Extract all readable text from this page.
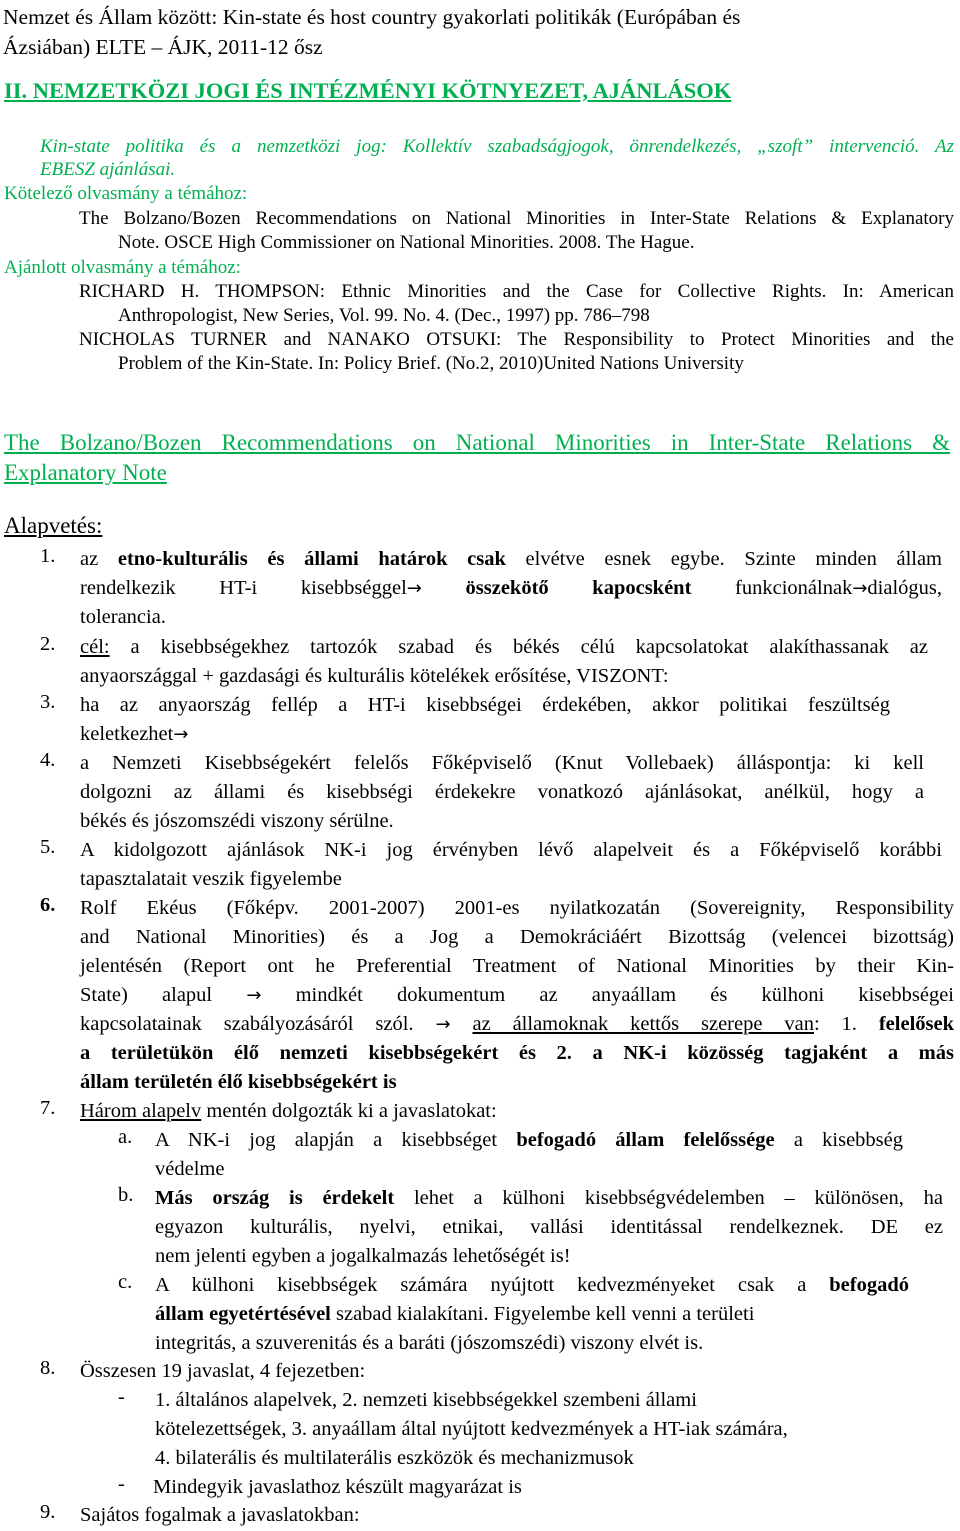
Nemzet és Állam között: Kin-state és host country gyakorlati politikák (Európában és
Ázsiában) ELTE – ÁJK, 2011-12 ősz
II. NEMZETKÖZI JOGI ÉS INTÉZMÉNYI KÖTNYEZET, AJÁNLÁSOK
Kin-state politika és a nemzetközi jog: Kollektív szabadságjogok, önrendelkezés, „szoft” intervenció. Az
EBESZ ajánlásai.
Kötelező olvasmány a témához:
The Bolzano/Bozen Recommendations on National Minorities in Inter-State Relations & Explanatory
Note. OSCE High Commissioner on National Minorities. 2008. The Hague.
Ajánlott olvasmány a témához:
RICHARD H. THOMPSON: Ethnic Minorities and the Case for Collective Rights. In: American
Anthropologist, New Series, Vol. 99. No. 4. (Dec., 1997) pp. 786–798
NICHOLAS TURNER and NANAKO OTSUKI: The Responsibility to Protect Minorities and the
Problem of the Kin-State. In: Policy Brief. (No.2, 2010)United Nations University
The Bolzano/Bozen Recommendations on National Minorities in Inter-State Relations &
Explanatory Note
Alapvetés:
1. az etno-kulturális és állami határok csak elvétve esnek egybe. Szinte minden állam
rendelkezik HT-i kisebbséggel→ összekötő kapocsként funkcionálnak→dialógus,
tolerancia.
2. cél: a kisebbségekhez tartozók szabad és békés célú kapcsolatokat alakíthassanak az
anyaországgal + gazdasági és kulturális kötelékek erősítése, VISZONT:
3. ha az anyaország fellép a HT-i kisebbségei érdekében, akkor politikai feszültség
keletkezhet→
4. a Nemzeti Kisebbségekért felelős Főképviselő (Knut Vollebaek) álláspontja: ki kell
dolgozni az állami és kisebbségi érdekekre vonatkozó ajánlásokat, anélkül, hogy a
békés és jószomszédi viszony sérülne.
5. A kidolgozott ajánlások NK-i jog érvényben lévő alapelveit és a Főképviselő korábbi
tapasztalatait veszik figyelembe
6. Rolf Ekéus (Főképv. 2001-2007) 2001-es nyilatkozatán (Sovereignity, Responsibility
and National Minorities) és a Jog a Demokráciáért Bizottság (velencei bizottság)
jelentésén (Report ont he Preferential Treatment of National Minorities by their Kin-
State) alapul → mindkét dokumentum az anyaállam és külhoni kisebbségei
kapcsolatainak szabályozásáról szól. → az államoknak kettős szerepe van: 1. felelősek
a területükön élő nemzeti kisebbségekért és 2. a NK-i közösség tagjaként a más
állam területén élő kisebbségekért is
7. Három alapelv mentén dolgozták ki a javaslatokat:
a. A NK-i jog alapján a kisebbséget befogadó állam felelőssége a kisebbség
védelme
b. Más ország is érdekelt lehet a külhoni kisebbségvédelemben – különösen, ha
egyazon kulturális, nyelvi, etnikai, vallási identitással rendelkeznek. DE ez
nem jelenti egyben a jogalkalmazás lehetőségét is!
c. A külhoni kisebbségek számára nyújtott kedvezményeket csak a befogadó
állam egyetértésével szabad kialakítani. Figyelembe kell venni a területi
integritás, a szuverenitás és a baráti (jószomszédi) viszony elvét is.
8. Összesen 19 javaslat, 4 fejezetben:
- 1. általános alapelvek, 2. nemzeti kisebbségekkel szembeni állami
kötelezettségek, 3. anyaállam által nyújtott kedvezmények a HT-iak számára,
4. bilaterális és multilaterális eszközök és mechanizmusok
- Mindegyik javaslathoz készült magyarázat is
9. Sajátos fogalmak a javaslatokban:
